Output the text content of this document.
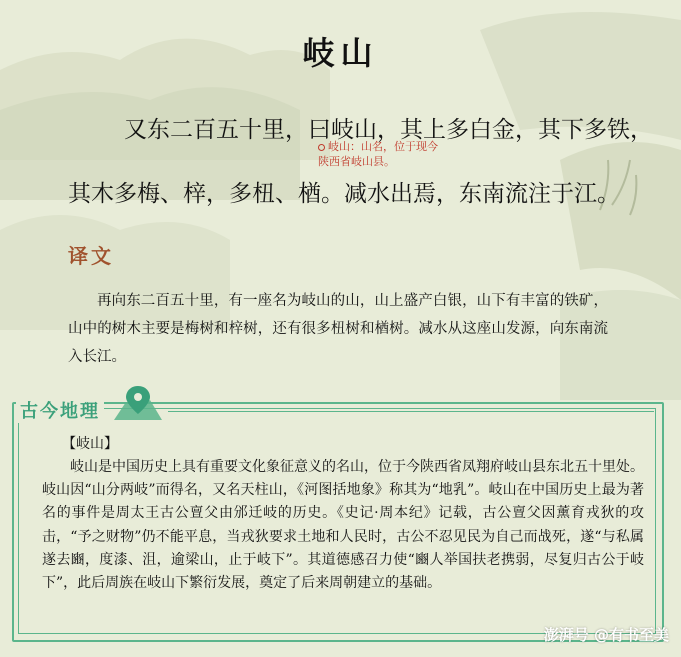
岐山
又东二百五十里，曰岐山，其上多白金，其下多铁，
岐山：山名，位于现今
陕西省岐山县。
其木多梅、梓，多杻、楢。减水出焉，东南流注于江。
译文
再向东二百五十里，有一座名为岐山的山，山上盛产白银，山下有丰富的铁矿，山中的树木主要是梅树和梓树，还有很多杻树和楢树。减水从这座山发源，向东南流入长江。
古今地理
【岐山】
岐山是中国历史上具有重要文化象征意义的名山，位于今陕西省凤翔府岐山县东北五十里处。岐山因“山分两岐”而得名，又名天柱山，《河图括地象》称其为“地乳”。岐山在中国历史上最为著名的事件是周太王古公亶父由邠迁岐的历史。《史记·周本纪》记载，古公亶父因薰育戎狄的攻击，“予之财物”仍不能平息，当戎狄要求土地和人民时，古公不忍见民为自己而战死，遂“与私属遂去豳，度漆、沮，逾梁山，止于岐下”。其道德感召力使“豳人举国扶老携弱，尽复归古公于岐下”，此后周族在岐山下繁衍发展，奠定了后来周朝建立的基础。
澎湃号 @有书至美
